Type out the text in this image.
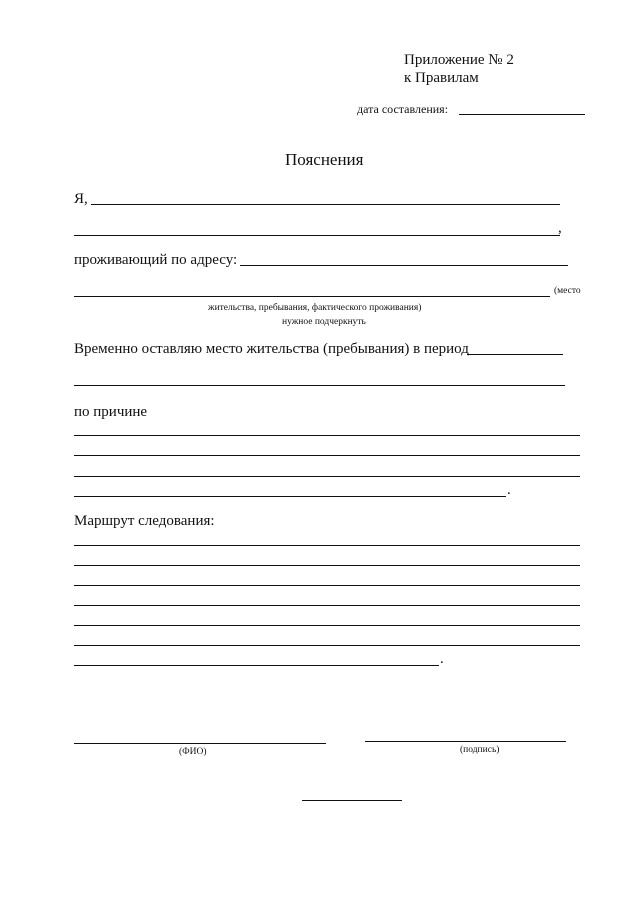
Приложение № 2
к Правилам
дата составления:
Пояснения
Я,
,
проживающий по адресу:
(место
жительства, пребывания, фактического проживания)
нужное подчеркнуть
Временно оставляю место жительства (пребывания) в период
по причине
.
Маршрут следования:
.
(ФИО)	(подпись)
